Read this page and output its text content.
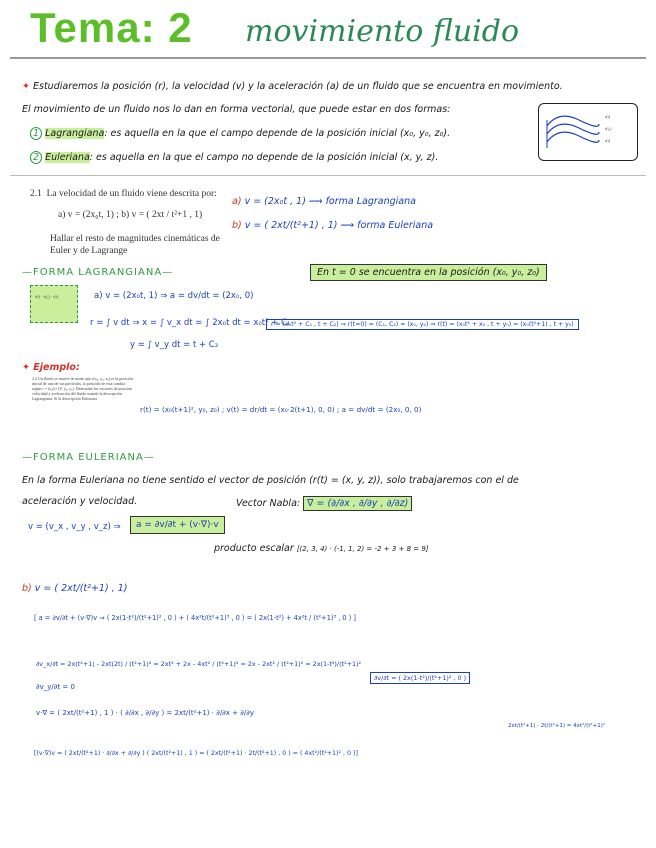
Tema: 2 movimiento fluido
✦ Estudiaremos la posición (r), la velocidad (v) y la aceleración (a) de un fluido que se encuentra en movimiento.
El movimiento de un fluido nos lo dan en forma vectorial, que puede estar en dos formas:
1 Lagrangiana: es aquella en la que el campo depende de la posición inicial (x₀, y₀, z₀).
2 Euleriana: es aquella en la que el campo no depende de la posición inicial (x, y, z).
r(t)
r(t₀)
r(t)
2.1 La velocidad de un fluido viene descrita por:
a) v = (2x₀t, 1) ; b) v = ( 2xt / t²+1 , 1)
Hallar el resto de magnitudes cinemáticas de
Euler y de Lagrange
a) v = (2x₀t , 1) ⟿ forma Lagrangiana
b) v = ( 2xt/(t²+1) , 1) ⟿ forma Euleriana
—FORMA LAGRANGIANA—	En t = 0 se encuentra en la posición (x₀, y₀, z₀)
r(t) · r(t₀) · r(t)	a) v = (2x₀t, 1) ⇒ a = dv/dt = (2x₀, 0)
r = ∫ v dt ⇒ x = ∫ v_x dt = ∫ 2x₀t dt = x₀t² + C₁
y = ∫ v_y dt = t + C₂
r = (x₀t² + C₁ , t + C₂) ⇒ r(t=0) = (C₁, C₂) = (x₀, y₀) ⇒ r(t) = (x₀t² + x₀ , t + y₀) = (x₀(t²+1) , t + y₀)
✦ Ejemplo:
2.2 Un fluido se mueve de modo que r(x₀, y₀, z₀) es la posición inicial de una de sus partículas, la posición de esta cambia según r = (x₀(t+1)², y₀, z₀). Determine los vectores de posición velocidad y aceleración del fluido usando la descripción Lagrangiana. Si la descripción Euleriana
r(t) = (x₀(t+1)², y₀, z₀) ; v(t) = dr/dt = (x₀·2(t+1), 0, 0) ; a = dv/dt = (2x₀, 0, 0)
—FORMA EULERIANA—
En la forma Euleriana no tiene sentido el vector de posición (r(t) = (x, y, z)), solo trabajaremos con el de
aceleración y velocidad.	Vector Nabla: ∇ = (∂/∂x , ∂/∂y , ∂/∂z)
v = (v_x , v_y , v_z) ⇒	a = ∂v/∂t + (v·∇)·v
producto escalar [(2, 3, 4) · (-1, 1, 2) = -2 + 3 + 8 = 9]
b) v = ( 2xt/(t²+1) , 1)
[ a = ∂v/∂t + (v·∇)v ⇒ ( 2x(1-t²)/(t²+1)² , 0 ) + ( 4x²t/(t²+1)³ , 0 ) = ( 2x(1-t²) + 4x²t / (t²+1)³ , 0 ) ]
∂v_x/∂t = 2x(t²+1) - 2xt(2t) / (t²+1)² = 2xt² + 2x - 4xt² / (t²+1)² = 2x - 2xt² / (t²+1)² = 2x(1-t²)/(t²+1)²
∂v/∂t = ( 2x(1-t²)/(t²+1)² , 0 )
∂v_y/∂t = 0
v·∇ = ( 2xt/(t²+1) , 1 ) · ( ∂/∂x , ∂/∂y ) = 2xt/(t²+1) · ∂/∂x + ∂/∂y
2xt/(t²+1) · 2t/(t²+1) = 4xt²/(t²+1)²
[(v·∇)v = ( 2xt/(t²+1) · ∂/∂x + ∂/∂y ) ( 2xt/(t²+1) , 1 ) = ( 2xt/(t²+1) · 2t/(t²+1) , 0 ) = ( 4xt²/(t²+1)² , 0 )]
